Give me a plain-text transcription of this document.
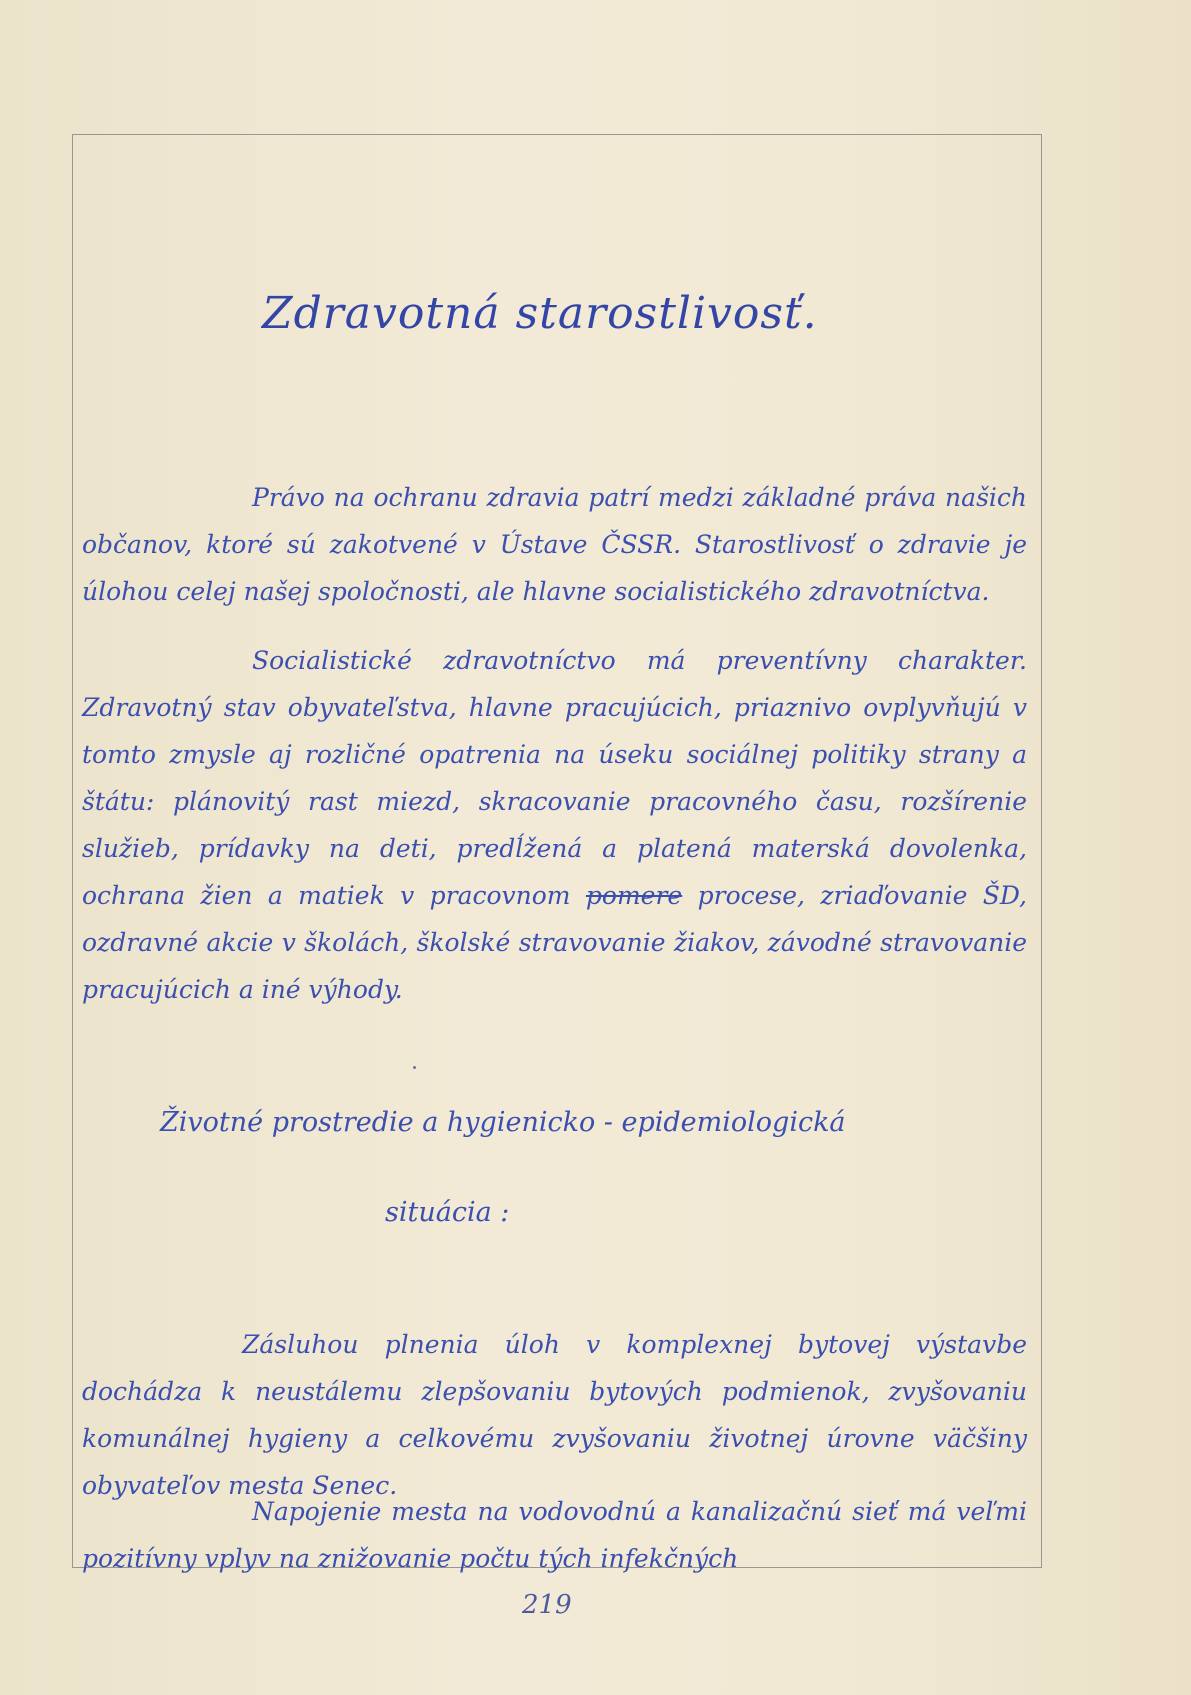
Zdravotná starostlivosť.

Právo na ochranu zdravia patrí medzi základné práva našich občanov, ktoré sú zakotvené v Ústave ČSSR. Starostlivosť o zdravie je úlohou celej našej spoločnosti, ale hlavne socialistického zdravotníctva.

Socialistické zdravotníctvo má preventívny charakter. Zdravotný stav obyvateľstva, hlavne pracujúcich, priaznivo ovplyvňujú v tomto zmysle aj rozličné opatrenia na úseku sociálnej politiky strany a štátu: plánovitý rast miezd, skracovanie pracovného času, rozšírenie služieb, prídavky na deti, predĺžená a platená materská dovolenka, ochrana žien a matiek v pracovnom pomere procese, zriaďovanie ŠD, ozdravné akcie v školách, školské stravovanie žiakov, závodné stravovanie pracujúcich a iné výhody.

Životné prostredie a hygienicko - epidemiologická
situácia :

Zásluhou plnenia úloh v komplexnej bytovej výstavbe dochádza k neustálemu zlepšovaniu bytových podmienok, zvyšovaniu komunálnej hygieny a celkovému zvyšovaniu životnej úrovne väčšiny obyvateľov mesta Senec.

Napojenie mesta na vodovodnú a kanalizačnú sieť má veľmi pozitívny vplyv na znižovanie počtu tých infekčných

219
